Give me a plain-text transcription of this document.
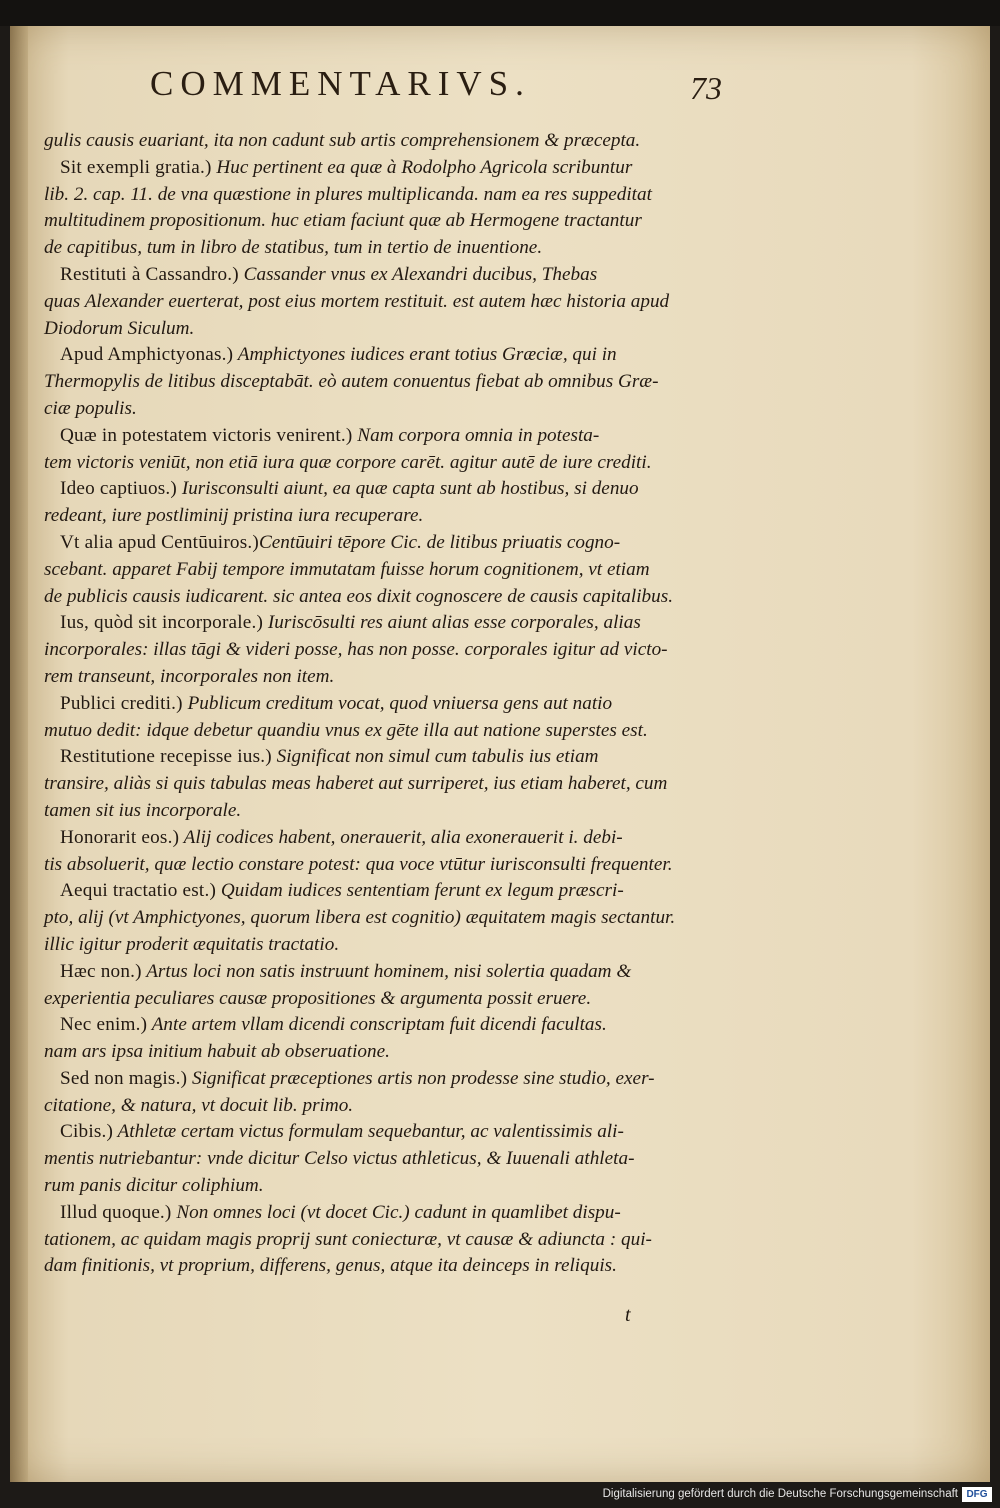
COMMENTARIVS.	73
gulis causis euariant, ita non cadunt sub artis comprehensionem & præcepta.
Sit exempli gratia.) Huc pertinent ea quæ à Rodolpho Agricola scribuntur
lib. 2. cap. 11. de vna quæstione in plures multiplicanda. nam ea res suppeditat
multitudinem propositionum. huc etiam faciunt quæ ab Hermogene tractantur
de capitibus, tum in libro de statibus, tum in tertio de inuentione.
Restituti à Cassandro.) Cassander vnus ex Alexandri ducibus, Thebas
quas Alexander euerterat, post eius mortem restituit. est autem hæc historia apud
Diodorum Siculum.
Apud Amphictyonas.) Amphictyones iudices erant totius Græciæ, qui in
Thermopylis de litibus disceptabāt. eò autem conuentus fiebat ab omnibus Græ-
ciæ populis.
Quæ in potestatem victoris venirent.) Nam corpora omnia in potesta-
tem victoris veniūt, non etiā iura quæ corpore carēt. agitur autē de iure crediti.
Ideo captiuos.) Iurisconsulti aiunt, ea quæ capta sunt ab hostibus, si denuo
redeant, iure postliminij pristina iura recuperare.
Vt alia apud Centūuiros.)Centūuiri tēpore Cic. de litibus priuatis cogno-
scebant. apparet Fabij tempore immutatam fuisse horum cognitionem, vt etiam
de publicis causis iudicarent. sic antea eos dixit cognoscere de causis capitalibus.
Ius, quòd sit incorporale.) Iuriscōsulti res aiunt alias esse corporales, alias
incorporales: illas tāgi & videri posse, has non posse. corporales igitur ad victo-
rem transeunt, incorporales non item.
Publici crediti.) Publicum creditum vocat, quod vniuersa gens aut natio
mutuo dedit: idque debetur quandiu vnus ex gēte illa aut natione superstes est.
Restitutione recepisse ius.) Significat non simul cum tabulis ius etiam
transire, aliàs si quis tabulas meas haberet aut surriperet, ius etiam haberet, cum
tamen sit ius incorporale.
Honorarit eos.) Alij codices habent, onerauerit, alia exonerauerit i. debi-
tis absoluerit, quæ lectio constare potest: qua voce vtūtur iurisconsulti frequenter.
Aequi tractatio est.) Quidam iudices sententiam ferunt ex legum præscri-
pto, alij (vt Amphictyones, quorum libera est cognitio) æquitatem magis sectantur.
illic igitur proderit æquitatis tractatio.
Hæc non.) Artus loci non satis instruunt hominem, nisi solertia quadam &
experientia peculiares causæ propositiones & argumenta possit eruere.
Nec enim.) Ante artem vllam dicendi conscriptam fuit dicendi facultas.
nam ars ipsa initium habuit ab obseruatione.
Sed non magis.) Significat præceptiones artis non prodesse sine studio, exer-
citatione, & natura, vt docuit lib. primo.
Cibis.) Athletæ certam victus formulam sequebantur, ac valentissimis ali-
mentis nutriebantur: vnde dicitur Celso victus athleticus, & Iuuenali athleta-
rum panis dicitur coliphium.
Illud quoque.) Non omnes loci (vt docet Cic.) cadunt in quamlibet dispu-
tationem, ac quidam magis proprij sunt coniecturæ, vt causæ & adiuncta : qui-
dam finitionis, vt proprium, differens, genus, atque ita deinceps in reliquis.
t
Digitalisierung gefördert durch die Deutsche Forschungsgemeinschaft DFG
